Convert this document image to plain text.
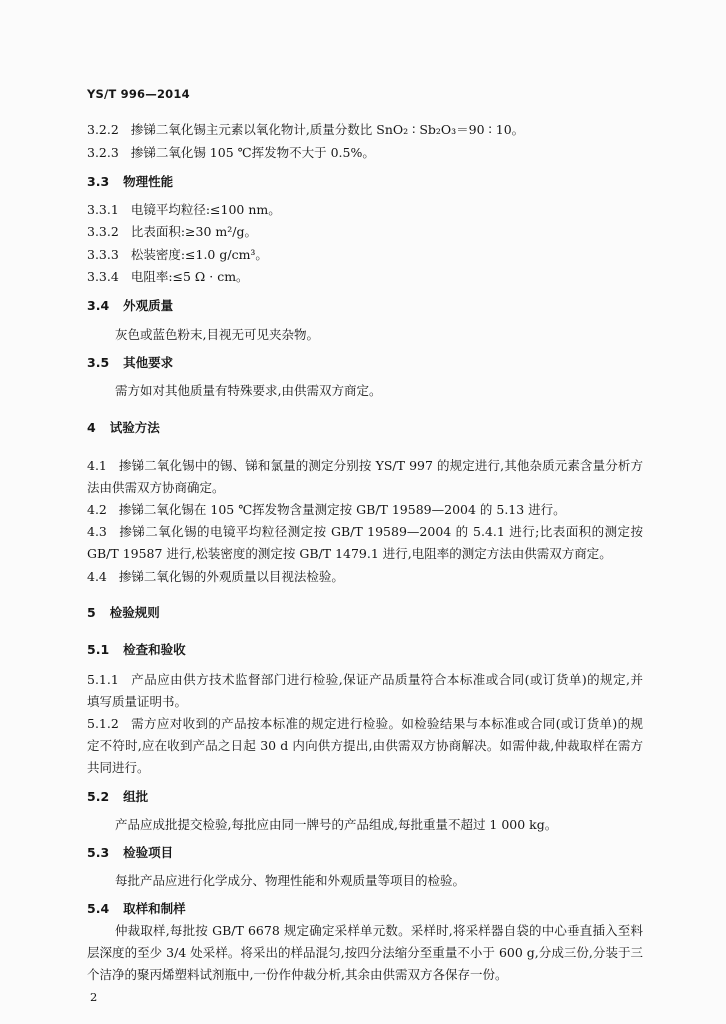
YS/T 996—2014
3.2.2 掺锑二氧化锡主元素以氧化物计,质量分数比 SnO₂ ∶ Sb₂O₃＝90 ∶ 10。
3.2.3 掺锑二氧化锡 105 ℃挥发物不大于 0.5%。
3.3 物理性能
3.3.1 电镜平均粒径:≤100 nm。
3.3.2 比表面积:≥30 m²/g。
3.3.3 松装密度:≤1.0 g/cm³。
3.3.4 电阻率:≤5 Ω · cm。
3.4 外观质量
灰色或蓝色粉末,目视无可见夹杂物。
3.5 其他要求
需方如对其他质量有特殊要求,由供需双方商定。
4 试验方法
4.1 掺锑二氧化锡中的锡、锑和氯量的测定分别按 YS/T 997 的规定进行,其他杂质元素含量分析方
法由供需双方协商确定。
4.2 掺锑二氧化锡在 105 ℃挥发物含量测定按 GB/T 19589—2004 的 5.13 进行。
4.3 掺锑二氧化锡的电镜平均粒径测定按 GB/T 19589—2004 的 5.4.1 进行;比表面积的测定按
GB/T 19587 进行,松装密度的测定按 GB/T 1479.1 进行,电阻率的测定方法由供需双方商定。
4.4 掺锑二氧化锡的外观质量以目视法检验。
5 检验规则
5.1 检查和验收
5.1.1 产品应由供方技术监督部门进行检验,保证产品质量符合本标准或合同(或订货单)的规定,并
填写质量证明书。
5.1.2 需方应对收到的产品按本标准的规定进行检验。如检验结果与本标准或合同(或订货单)的规
定不符时,应在收到产品之日起 30 d 内向供方提出,由供需双方协商解决。如需仲裁,仲裁取样在需方
共同进行。
5.2 组批
产品应成批提交检验,每批应由同一牌号的产品组成,每批重量不超过 1 000 kg。
5.3 检验项目
每批产品应进行化学成分、物理性能和外观质量等项目的检验。
5.4 取样和制样
仲裁取样,每批按 GB/T 6678 规定确定采样单元数。采样时,将采样器自袋的中心垂直插入至料
层深度的至少 3/4 处采样。将采出的样品混匀,按四分法缩分至重量不小于 600 g,分成三份,分装于三
个洁净的聚丙烯塑料试剂瓶中,一份作仲裁分析,其余由供需双方各保存一份。
2
